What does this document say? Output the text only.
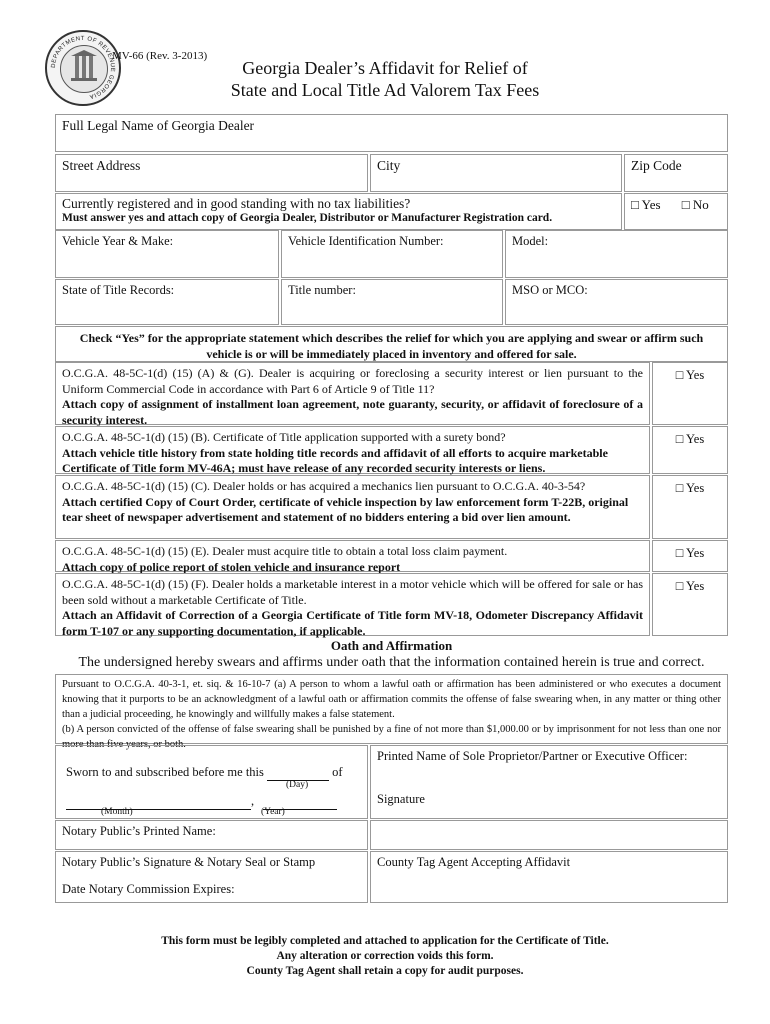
DEPARTMENT OF REVENUE GEORGIA
MV-66 (Rev. 3-2013)
Georgia Dealer’s Affidavit for Relief of
State and Local Title Ad Valorem Tax Fees
Full Legal Name of Georgia Dealer
Street Address	City	Zip Code
Currently registered and in good standing with no tax liabilities?
Must answer yes and attach copy of Georgia Dealer, Distributor or Manufacturer Registration card.
□ Yes □ No
Vehicle Year & Make:	Vehicle Identification Number:	Model:
State of Title Records:	Title number:	MSO or MCO:
Check “Yes” for the appropriate statement which describes the relief for which you are applying and swear or affirm such vehicle is or will be immediately placed in inventory and offered for sale.
O.C.G.A. 48-5C-1(d) (15) (A) & (G). Dealer is acquiring or foreclosing a security interest or lien pursuant to the Uniform Commercial Code in accordance with Part 6 of Article 9 of Title 11?
Attach copy of assignment of installment loan agreement, note guaranty, security, or affidavit of foreclosure of a security interest.
□ Yes
O.C.G.A. 48-5C-1(d) (15) (B). Certificate of Title application supported with a surety bond?
Attach vehicle title history from state holding title records and affidavit of all efforts to acquire marketable Certificate of Title form MV-46A; must have release of any recorded security interests or liens.
□ Yes
O.C.G.A. 48-5C-1(d) (15) (C). Dealer holds or has acquired a mechanics lien pursuant to O.C.G.A. 40-3-54?
Attach certified Copy of Court Order, certificate of vehicle inspection by law enforcement form T-22B, original tear sheet of newspaper advertisement and statement of no bidders entering a bid over lien amount.
□ Yes
O.C.G.A. 48-5C-1(d) (15) (E). Dealer must acquire title to obtain a total loss claim payment.
Attach copy of police report of stolen vehicle and insurance report
□ Yes
O.C.G.A. 48-5C-1(d) (15) (F). Dealer holds a marketable interest in a motor vehicle which will be offered for sale or has been sold without a marketable Certificate of Title.
Attach an Affidavit of Correction of a Georgia Certificate of Title form MV-18, Odometer Discrepancy Affidavit form T-107 or any supporting documentation, if applicable.
□ Yes
Oath and Affirmation
The undersigned hereby swears and affirms under oath that the information contained herein is true and correct.
Pursuant to O.C.G.A. 40-3-1, et. siq. & 16-10-7 (a) A person to whom a lawful oath or affirmation has been administered or who executes a document knowing that it purports to be an acknowledgment of a lawful oath or affirmation commits the offense of false swearing when, in any matter or thing other than a judicial proceeding, he knowingly and willfully makes a false statement.
(b) A person convicted of the offense of false swearing shall be punished by a fine of not more than $1,000.00 or by imprisonment for not less than one nor more than five years, or both.
Sworn to and subscribed before me this	of
(Day)
,
(Month)	(Year)
Printed Name of Sole Proprietor/Partner or Executive Officer:
Signature
Notary Public’s Printed Name:
Notary Public’s Signature & Notary Seal or Stamp
Date Notary Commission Expires:
County Tag Agent Accepting Affidavit
This form must be legibly completed and attached to application for the Certificate of Title.
Any alteration or correction voids this form.
County Tag Agent shall retain a copy for audit purposes.
